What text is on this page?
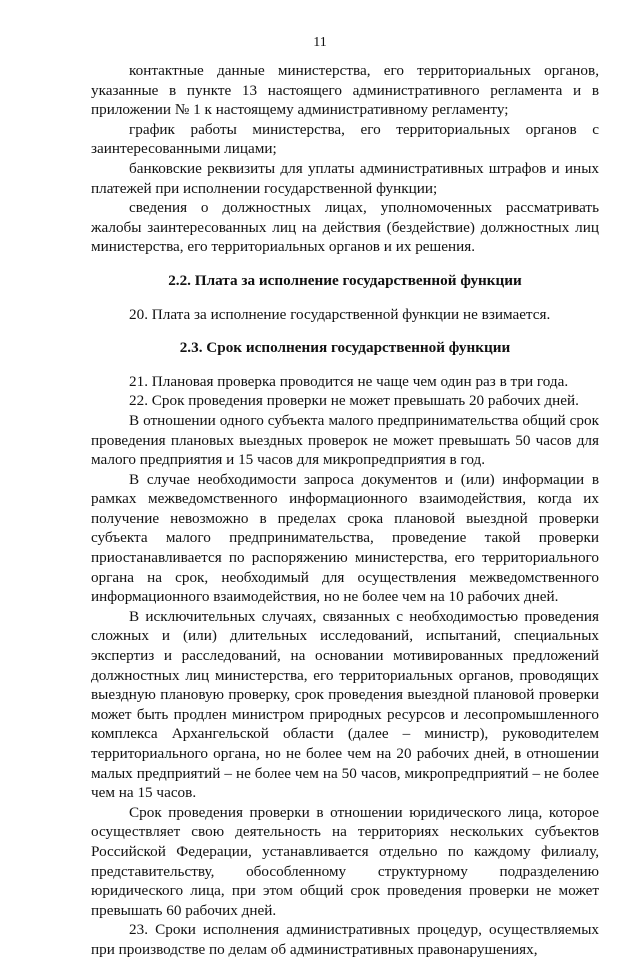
11

контактные данные министерства, его территориальных органов, указанные в пункте 13 настоящего административного регламента и в приложении № 1 к настоящему административному регламенту;

график работы министерства, его территориальных органов с заинтересованными лицами;

банковские реквизиты для уплаты административных штрафов и иных платежей при исполнении государственной функции;

сведения о должностных лицах, уполномоченных рассматривать жалобы заинтересованных лиц на действия (бездействие) должностных лиц министерства, его территориальных органов и их решения.

2.2. Плата за исполнение государственной функции

20. Плата за исполнение государственной функции не взимается.

2.3. Срок исполнения государственной функции

21. Плановая проверка проводится не чаще чем один раз в три года.

22. Срок проведения проверки не может превышать 20 рабочих дней.

В отношении одного субъекта малого предпринимательства общий срок проведения плановых выездных проверок не может превышать 50 часов для малого предприятия и 15 часов для микропредприятия в год.

В случае необходимости запроса документов и (или) информации в рамках межведомственного информационного взаимодействия, когда их получение невозможно в пределах срока плановой выездной проверки субъекта малого предпринимательства, проведение такой проверки приостанавливается по распоряжению министерства, его территориального органа на срок, необходимый для осуществления межведомственного информационного взаимодействия, но не более чем на 10 рабочих дней.

В исключительных случаях, связанных с необходимостью проведения сложных и (или) длительных исследований, испытаний, специальных экспертиз и расследований, на основании мотивированных предложений должностных лиц министерства, его территориальных органов, проводящих выездную плановую проверку, срок проведения выездной плановой проверки может быть продлен министром природных ресурсов и лесопромышленного комплекса Архангельской области (далее – министр), руководителем территориального органа, но не более чем на 20 рабочих дней, в отношении малых предприятий – не более чем на 50 часов, микропредприятий – не более чем на 15 часов.

Срок проведения проверки в отношении юридического лица, которое осуществляет свою деятельность на территориях нескольких субъектов Российской Федерации, устанавливается отдельно по каждому филиалу, представительству, обособленному структурному подразделению юридического лица, при этом общий срок проведения проверки не может превышать 60 рабочих дней.

23. Сроки исполнения административных процедур, осуществляемых при производстве по делам об административных правонарушениях,
